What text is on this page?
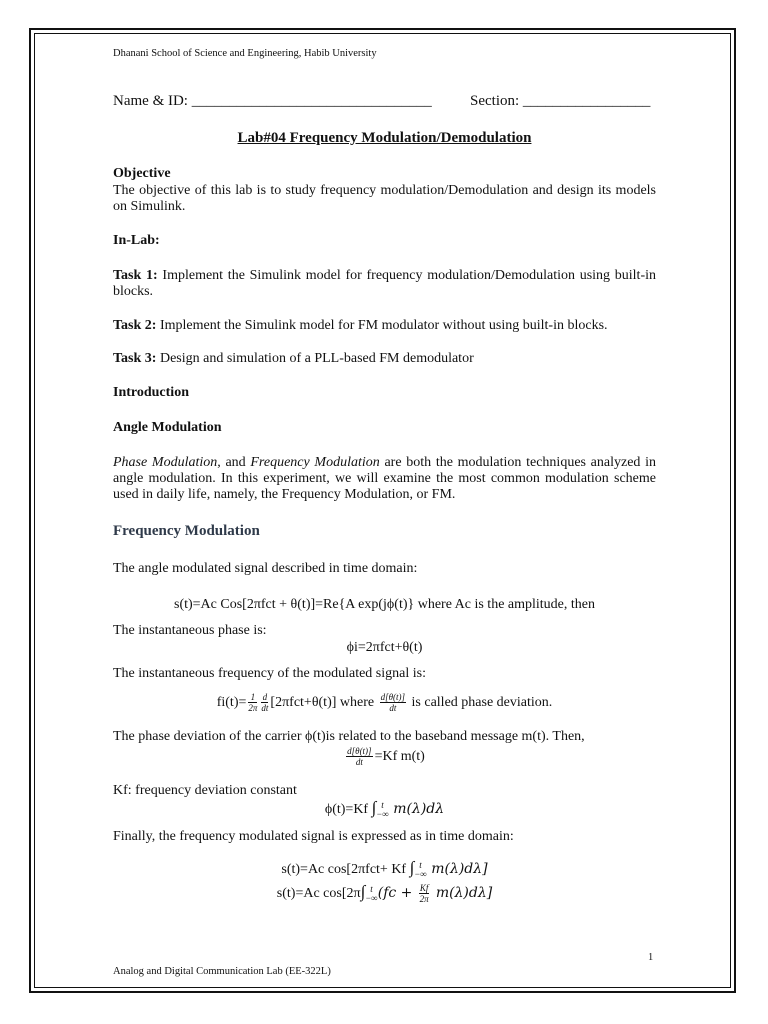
Dhanani School of Science and Engineering, Habib University
Name & ID: ________________________________	Section: _________________
Lab#04 Frequency Modulation/Demodulation
Objective
The objective of this lab is to study frequency modulation/Demodulation and design its models on Simulink.
In-Lab:
Task 1: Implement the Simulink model for frequency modulation/Demodulation using built-in blocks.
Task 2: Implement the Simulink model for FM modulator without using built-in blocks.
Task 3: Design and simulation of a PLL-based FM demodulator
Introduction
Angle Modulation
Phase Modulation, and Frequency Modulation are both the modulation techniques analyzed in angle modulation. In this experiment, we will examine the most common modulation scheme used in daily life, namely, the Frequency Modulation, or FM.
Frequency Modulation
The angle modulated signal described in time domain:
s(t)=Ac Cos[2πfct + θ(t)]=Re{A exp(jϕ(t)} where Ac is the amplitude, then
The instantaneous phase is:
ϕi=2πfct+θ(t)
The instantaneous frequency of the modulated signal is:
$fi(t)= \frac{1}{2\pi} \frac{d}{dt} [2\pi fct+\theta(t)]$ where $\frac{d[\theta(t)]}{dt}$ is called phase deviation.
The phase deviation of the carrier ϕ(t)is related to the baseband message m(t). Then,
$\frac{d[\theta(t)]}{dt} =Kf$ m(t)
Kf: frequency deviation constant
ϕ(t)=Kf ∫ t
−∞ m(λ)dλ
Finally, the frequency modulated signal is expressed as in time domain:
s(t)=Ac cos[2πfct+ Kf ∫ t
−∞ m(λ)dλ]
s(t)=Ac cos[2π∫ t
−∞ $(fc + \frac{Kf}{2\pi} m(\lambda)d\lambda]$
1
Analog and Digital Communication Lab (EE-322L)
